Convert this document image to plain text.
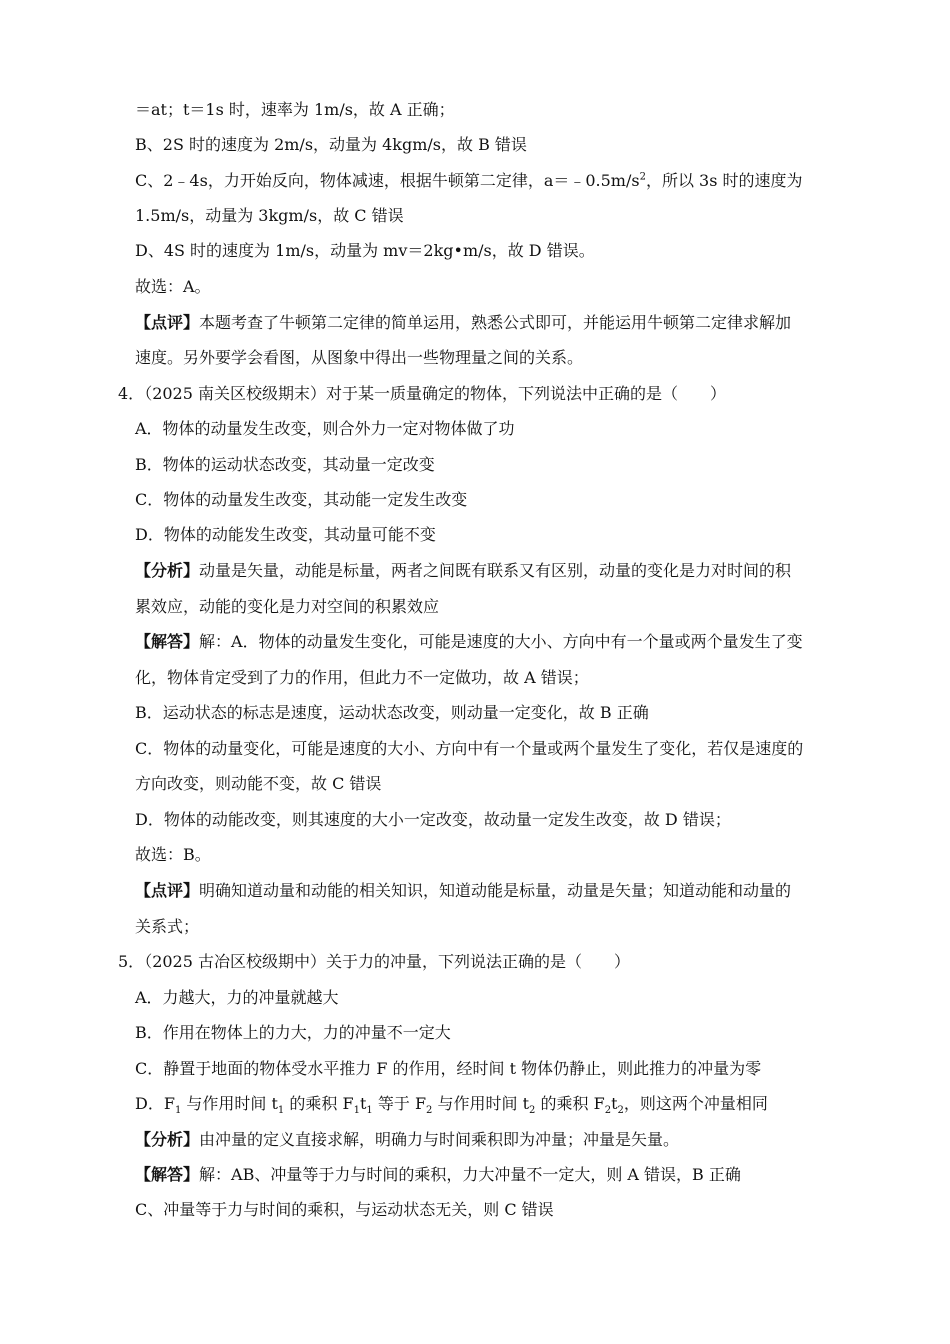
＝at；t＝1s 时，速率为 1m/s，故 A 正确；
B、2S 时的速度为 2m/s，动量为 4kgm/s，故 B 错误
C、2﹣4s，力开始反向，物体减速，根据牛顿第二定律，$a=﹣0.5m/s^2$，所以 3s 时的速度为
1.5m/s，动量为 3kgm/s，故 C 错误
D、4S 时的速度为 1m/s，动量为 mv＝2kg•m/s，故 D 错误。
故选：A。
【点评】本题考查了牛顿第二定律的简单运用，熟悉公式即可，并能运用牛顿第二定律求解加
速度。另外要学会看图，从图象中得出一些物理量之间的关系。
4．（2025 南关区校级期末）对于某一质量确定的物体，下列说法中正确的是（　　）
A．物体的动量发生改变，则合外力一定对物体做了功
B．物体的运动状态改变，其动量一定改变
C．物体的动量发生改变，其动能一定发生改变
D．物体的动能发生改变，其动量可能不变
【分析】动量是矢量，动能是标量，两者之间既有联系又有区别，动量的变化是力对时间的积
累效应，动能的变化是力对空间的积累效应
【解答】解：A．物体的动量发生变化，可能是速度的大小、方向中有一个量或两个量发生了变
化，物体肯定受到了力的作用，但此力不一定做功，故 A 错误；
B．运动状态的标志是速度，运动状态改变，则动量一定变化，故 B 正确
C．物体的动量变化，可能是速度的大小、方向中有一个量或两个量发生了变化，若仅是速度的
方向改变，则动能不变，故 C 错误
D．物体的动能改变，则其速度的大小一定改变，故动量一定发生改变，故 D 错误；
故选：B。
【点评】明确知道动量和动能的相关知识，知道动能是标量，动量是矢量；知道动能和动量的
关系式；
5．（2025 古冶区校级期中）关于力的冲量，下列说法正确的是（　　）
A．力越大，力的冲量就越大
B．作用在物体上的力大，力的冲量不一定大
C．静置于地面的物体受水平推力 F 的作用，经时间 t 物体仍静止，则此推力的冲量为零
D．$F_1$ 与作用时间 $t_1$ 的乘积 $F_1t_1$ 等于 $F_2$ 与作用时间 $t_2$ 的乘积 $F_2t_2$，则这两个冲量相同
【分析】由冲量的定义直接求解，明确力与时间乘积即为冲量；冲量是矢量。
【解答】解：AB、冲量等于力与时间的乘积，力大冲量不一定大，则 A 错误，B 正确
C、冲量等于力与时间的乘积，与运动状态无关，则 C 错误
